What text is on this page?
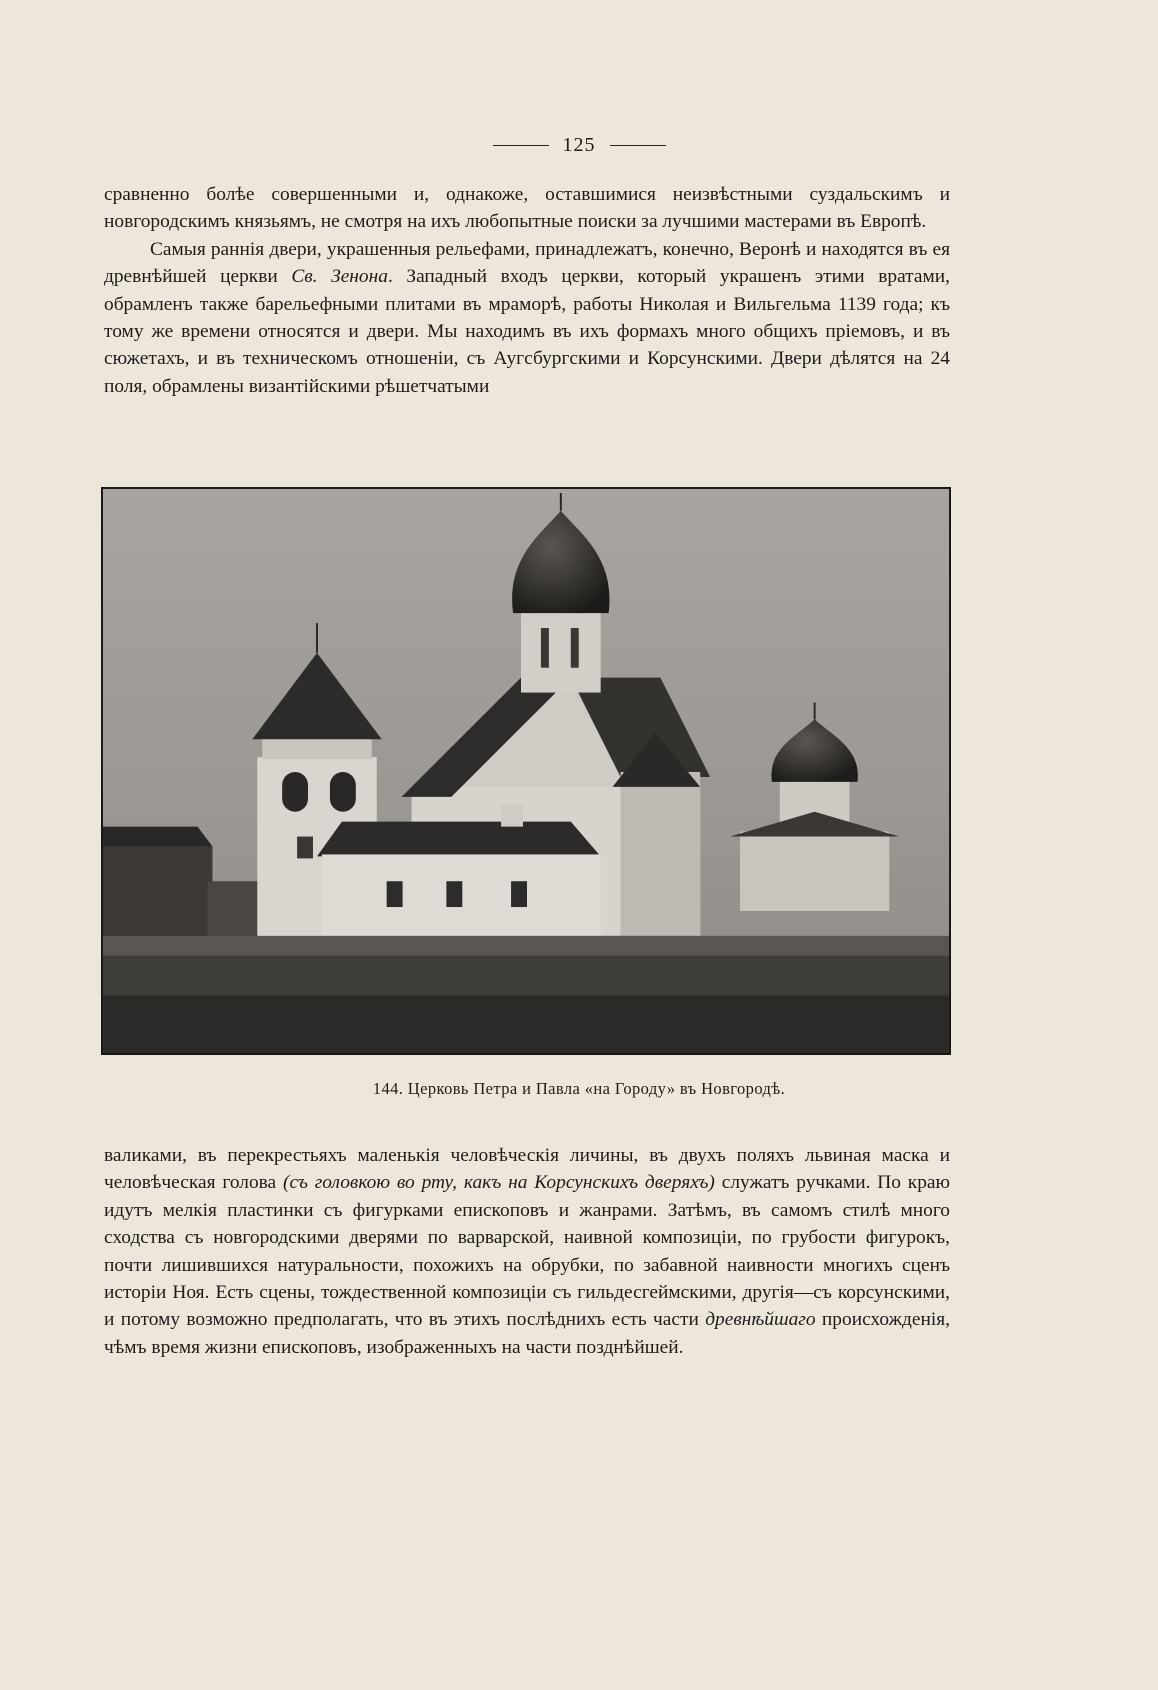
125

сравненно болѣе совершенными и, однакоже, оставшимися неизвѣстными суздальскимъ и новгородскимъ князьямъ, не смотря на ихъ любопытные поиски за лучшими мастерами въ Европѣ.

Самыя раннія двери, украшенныя рельефами, принадлежатъ, конечно, Веронѣ и находятся въ ея древнѣйшей церкви Св. Зенона. Западный входъ церкви, который украшенъ этими вратами, обрамленъ также барельефными плитами въ мраморѣ, работы Николая и Вильгельма 1139 года; къ тому же времени относятся и двери. Мы находимъ въ ихъ формахъ много общихъ пріемовъ, и въ сюжетахъ, и въ техническомъ отношеніи, съ Аугсбургскими и Корсунскими. Двери дѣлятся на 24 поля, обрамлены византійскими рѣшетчатыми

144. Церковь Петра и Павла «на Городу» въ Новгородѣ.

валиками, въ перекрестьяхъ маленькія человѣческія личины, въ двухъ поляхъ львиная маска и человѣческая голова (съ головкою во рту, какъ на Корсунскихъ дверяхъ) служатъ ручками. По краю идутъ мелкія пластинки съ фигурками епископовъ и жанрами. Затѣмъ, въ самомъ стилѣ много сходства съ новгородскими дверями по варварской, наивной композиціи, по грубости фигурокъ, почти лишившихся натуральности, похожихъ на обрубки, по забавной наивности многихъ сценъ исторіи Ноя. Есть сцены, тождественной композиціи съ гильдесгеймскими, другія—съ корсунскими, и потому возможно предполагать, что въ этихъ послѣднихъ есть части древнѣйшаго происхожденія, чѣмъ время жизни епископовъ, изображенныхъ на части позднѣйшей.
